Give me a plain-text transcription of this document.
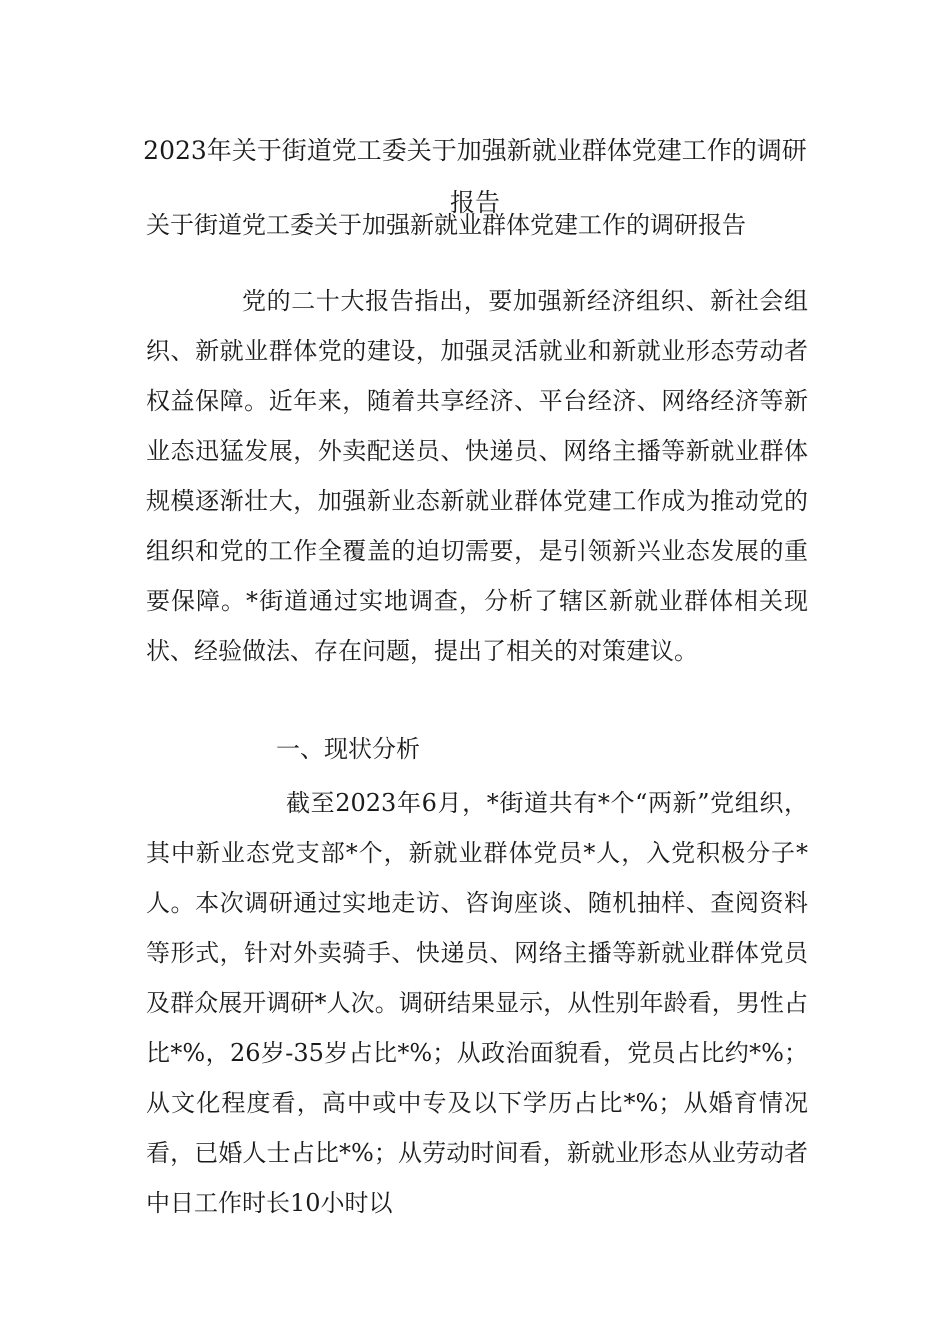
2023年关于街道党工委关于加强新就业群体党建工作的调研报告
关于街道党工委关于加强新就业群体党建工作的调研报告

党的二十大报告指出，要加强新经济组织、新社会组织、新就业群体党的建设，加强灵活就业和新就业形态劳动者权益保障。近年来，随着共享经济、平台经济、网络经济等新业态迅猛发展，外卖配送员、快递员、网络主播等新就业群体规模逐渐壮大，加强新业态新就业群体党建工作成为推动党的组织和党的工作全覆盖的迫切需要，是引领新兴业态发展的重要保障。*街道通过实地调查，分析了辖区新就业群体相关现状、经验做法、存在问题，提出了相关的对策建议。

一、现状分析

截至2023年6月，*街道共有*个“两新”党组织，其中新业态党支部*个，新就业群体党员*人，入党积极分子*人。本次调研通过实地走访、咨询座谈、随机抽样、查阅资料等形式，针对外卖骑手、快递员、网络主播等新就业群体党员及群众展开调研*人次。调研结果显示，从性别年龄看，男性占比*%，26岁-35岁占比*%；从政治面貌看，党员占比约*%；从文化程度看，高中或中专及以下学历占比*%；从婚育情况看，已婚人士占比*%；从劳动时间看，新就业形态从业劳动者中日工作时长10小时以
